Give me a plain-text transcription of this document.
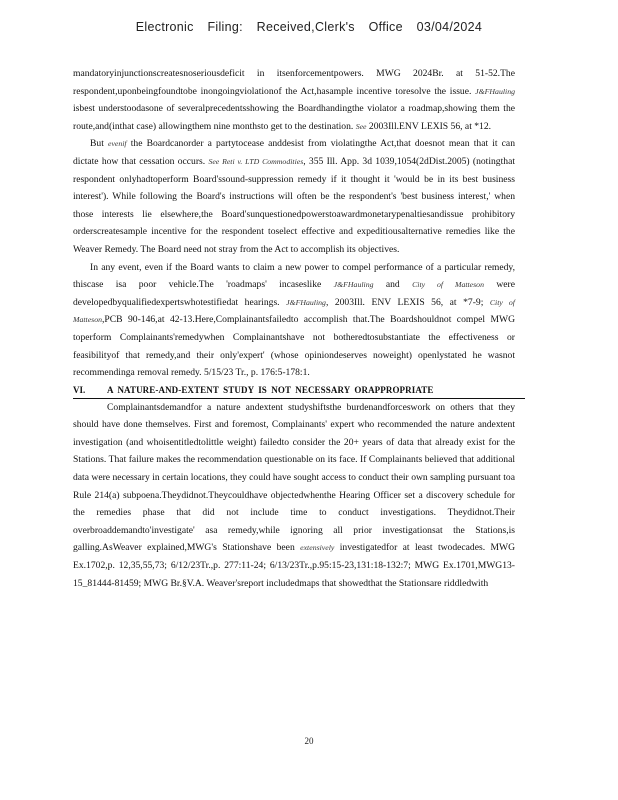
Electronic Filing: Received,Clerk's Office 03/04/2024

mandatoryinjunctionscreatesnoseriousdeficit in itsenforcementpowers. MWG 2024Br. at 51-52.The respondent,uponbeingfoundtobe inongoingviolationof the Act,hasample incentive toresolve the issue. J&FHauling isbest understoodasone of severalprecedentsshowing the Boardhandingthe violator a roadmap,showing them the route,and(inthat case) allowingthem nine monthsto get to the destination. See 2003Ill.ENV LEXIS 56, at *12.

But evenif the Boardcanorder a partytocease anddesist from violatingthe Act,that doesnot mean that it can dictate how that cessation occurs. See Reti v. LTD Commodities, 355 Ill. App. 3d 1039,1054(2dDist.2005) (notingthat respondent onlyhadtoperform Board'ssound-suppression remedy if it thought it 'would be in its best business interest'). While following the Board's instructions will often be the respondent's 'best business interest,' when those interests lie elsewhere,the Board'sunquestionedpowerstoawardmonetarypenaltiesandissue prohibitory orderscreatesample incentive for the respondent toselect effective and expeditiousalternative remedies like the Weaver Remedy. The Board need not stray from the Act to accomplish its objectives.

In any event, even if the Board wants to claim a new power to compel performance of a particular remedy, thiscase isa poor vehicle.The 'roadmaps' incaseslike J&FHauling and City of Matteson were developedbyqualifiedexpertswhotestifiedat hearings. J&FHauling, 2003Ill. ENV LEXIS 56, at *7-9; City of Matteson,PCB 90-146,at 42-13.Here,Complainantsfailedto accomplish that.The Boardshouldnot compel MWG toperform Complainants'remedywhen Complainantshave not botheredtosubstantiate the effectiveness or feasibilityof that remedy,and their only'expert' (whose opiniondeserves noweight) openlystated he wasnot recommendinga removal remedy. 5/15/23 Tr., p. 176:5-178:1.

VI.	A NATURE-AND-EXTENT STUDY IS NOT NECESSARY ORAPPROPRIATE

Complainantsdemandfor a nature andextent studyshiftsthe burdenandforceswork on others that they should have done themselves. First and foremost, Complainants' expert who recommended the nature andextent investigation (and whoisentitledtolittle weight) failedto consider the 20+ years of data that already exist for the Stations. That failure makes the recommendation questionable on its face. If Complainants believed that additional data were necessary in certain locations, they could have sought access to conduct their own sampling pursuant toa Rule 214(a) subpoena.Theydidnot.Theycouldhave objectedwhenthe Hearing Officer set a discovery schedule for the remedies phase that did not include time to conduct investigations. Theydidnot.Their overbroaddemandto'investigate' asa remedy,while ignoring all prior investigationsat the Stations,is galling.AsWeaver explained,MWG's Stationshave been extensively investigatedfor at least twodecades. MWG Ex.1702,p. 12,35,55,73; 6/12/23Tr.,p. 277:11-24; 6/13/23Tr.,p.95:15-23,131:18-132:7; MWG Ex.1701,MWG13-15_81444-81459; MWG Br.§V.A. Weaver'sreport includedmaps that showedthat the Stationsare riddledwith

20
